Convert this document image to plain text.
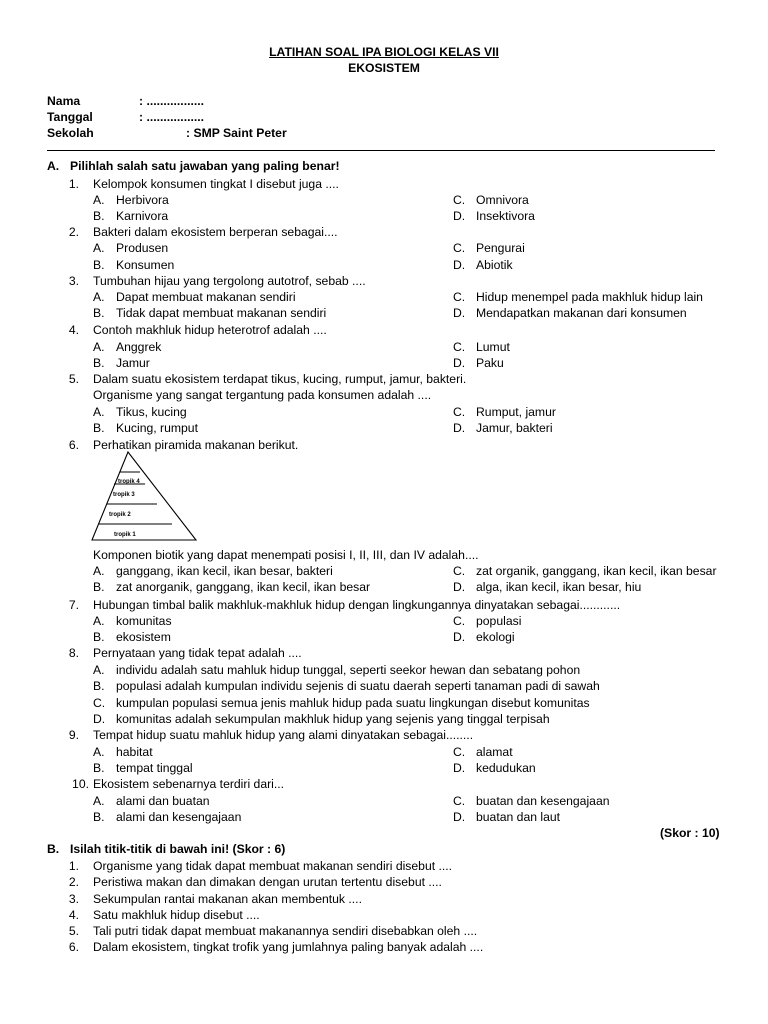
LATIHAN SOAL IPA BIOLOGI KELAS VII
EKOSISTEM
Nama	: .................
Tanggal	: .................
Sekolah	: SMP Saint Peter
A. Pilihlah salah satu jawaban yang paling benar!
1. Kelompok konsumen tingkat I disebut juga ....
A. Herbivora
B. Karnivora
C. Omnivora
D. Insektivora
2. Bakteri dalam ekosistem berperan sebagai....
A. Produsen
B. Konsumen
C. Pengurai
D. Abiotik
3. Tumbuhan hijau yang tergolong autotrof, sebab ....
A. Dapat membuat makanan sendiri
B. Tidak dapat membuat makanan sendiri
C. Hidup menempel pada makhluk hidup lain
D. Mendapatkan makanan dari konsumen
4. Contoh makhluk hidup heterotrof adalah ....
A. Anggrek
B. Jamur
C. Lumut
D. Paku
5. Dalam suatu ekosistem terdapat tikus, kucing, rumput, jamur, bakteri.
Organisme yang sangat tergantung pada konsumen adalah ....
A. Tikus, kucing
B. Kucing, rumput
C. Rumput, jamur
D. Jamur, bakteri
6. Perhatikan piramida makanan berikut.
tropik 4
tropik 3
tropik 2
tropik 1
Komponen biotik yang dapat menempati posisi I, II, III, dan IV adalah....
A. ganggang, ikan kecil, ikan besar, bakteri
B. zat anorganik, ganggang, ikan kecil, ikan besar
C. zat organik, ganggang, ikan kecil, ikan besar
D. alga, ikan kecil, ikan besar, hiu
7. Hubungan timbal balik makhluk-makhluk hidup dengan lingkungannya dinyatakan sebagai............
A. komunitas
B. ekosistem
C. populasi
D. ekologi
8. Pernyataan yang tidak tepat adalah ....
A. individu adalah satu mahluk hidup tunggal, seperti seekor hewan dan sebatang pohon
B. populasi adalah kumpulan individu sejenis di suatu daerah seperti tanaman padi di sawah
C. kumpulan populasi semua jenis mahluk hidup pada suatu lingkungan disebut komunitas
D. komunitas adalah sekumpulan makhluk hidup yang sejenis yang tinggal terpisah
9. Tempat hidup suatu mahluk hidup yang alami dinyatakan sebagai........
A. habitat
B. tempat tinggal
C. alamat
D. kedudukan
10. Ekosistem sebenarnya terdiri dari...
A. alami dan buatan
B. alami dan kesengajaan
C. buatan dan kesengajaan
D. buatan dan laut
(Skor : 10)
B. Isilah titik-titik di bawah ini! (Skor : 6)
1. Organisme yang tidak dapat membuat makanan sendiri disebut ....
2. Peristiwa makan dan dimakan dengan urutan tertentu disebut ....
3. Sekumpulan rantai makanan akan membentuk ....
4. Satu makhluk hidup disebut ....
5. Tali putri tidak dapat membuat makanannya sendiri disebabkan oleh ....
6. Dalam ekosistem, tingkat trofik yang jumlahnya paling banyak adalah ....
